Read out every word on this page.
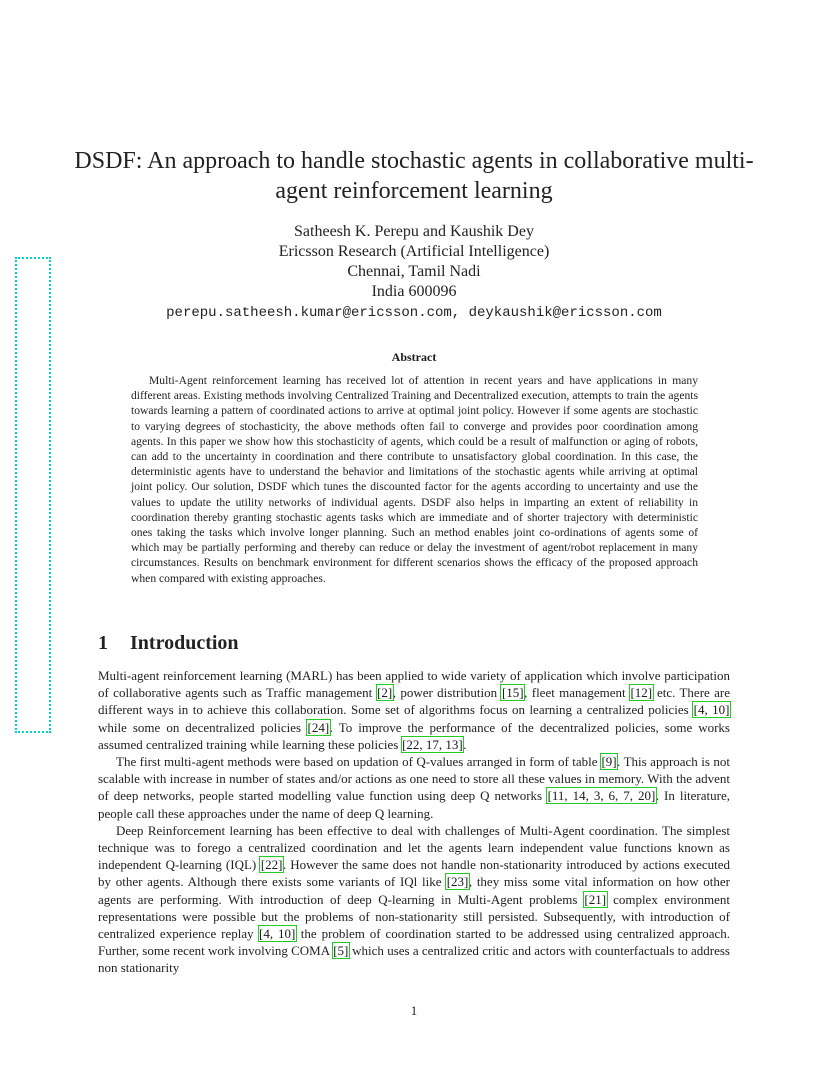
DSDF: An approach to handle stochastic agents in collaborative multi-agent reinforcement learning
Satheesh K. Perepu and Kaushik Dey
Ericsson Research (Artificial Intelligence)
Chennai, Tamil Nadi
India 600096
perepu.satheesh.kumar@ericsson.com, deykaushik@ericsson.com
Abstract
Multi-Agent reinforcement learning has received lot of attention in recent years and have applications in many different areas. Existing methods involving Centralized Training and Decentralized execution, attempts to train the agents towards learning a pattern of coordinated actions to arrive at optimal joint policy. However if some agents are stochastic to varying degrees of stochasticity, the above methods often fail to converge and provides poor coordination among agents. In this paper we show how this stochasticity of agents, which could be a result of malfunction or aging of robots, can add to the uncertainty in coordination and there contribute to unsatisfactory global coordination. In this case, the deterministic agents have to understand the behavior and limitations of the stochastic agents while arriving at optimal joint policy. Our solution, DSDF which tunes the discounted factor for the agents according to uncertainty and use the values to update the utility networks of individual agents. DSDF also helps in imparting an extent of reliability in coordination thereby granting stochastic agents tasks which are immediate and of shorter trajectory with deterministic ones taking the tasks which involve longer planning. Such an method enables joint co-ordinations of agents some of which may be partially performing and thereby can reduce or delay the investment of agent/robot replacement in many circumstances. Results on benchmark environment for different scenarios shows the efficacy of the proposed approach when compared with existing approaches.
1 Introduction

Multi-agent reinforcement learning (MARL) has been applied to wide variety of application which involve participation of collaborative agents such as Traffic management [2], power distribution [15], fleet management [12] etc. There are different ways in to achieve this collaboration. Some set of algorithms focus on learning a centralized policies [4, 10] while some on decentralized policies [24]. To improve the performance of the decentralized policies, some works assumed centralized training while learning these policies [22, 17, 13].

The first multi-agent methods were based on updation of Q-values arranged in form of table [9]. This approach is not scalable with increase in number of states and/or actions as one need to store all these values in memory. With the advent of deep networks, people started modelling value function using deep Q networks [11, 14, 3, 6, 7, 20]. In literature, people call these approaches under the name of deep Q learning.

Deep Reinforcement learning has been effective to deal with challenges of Multi-Agent coordination. The simplest technique was to forego a centralized coordination and let the agents learn independent value functions known as independent Q-learning (IQL) [22]. However the same does not handle non-stationarity introduced by actions executed by other agents. Although there exists some variants of IQl like [23], they miss some vital information on how other agents are performing. With introduction of deep Q-learning in Multi-Agent problems [21] complex environment representations were possible but the problems of non-stationarity still persisted. Subsequently, with introduction of centralized experience replay [4, 10] the problem of coordination started to be addressed using centralized approach. Further, some recent work involving COMA [5] which uses a centralized critic and actors with counterfactuals to address non stationarity

1
